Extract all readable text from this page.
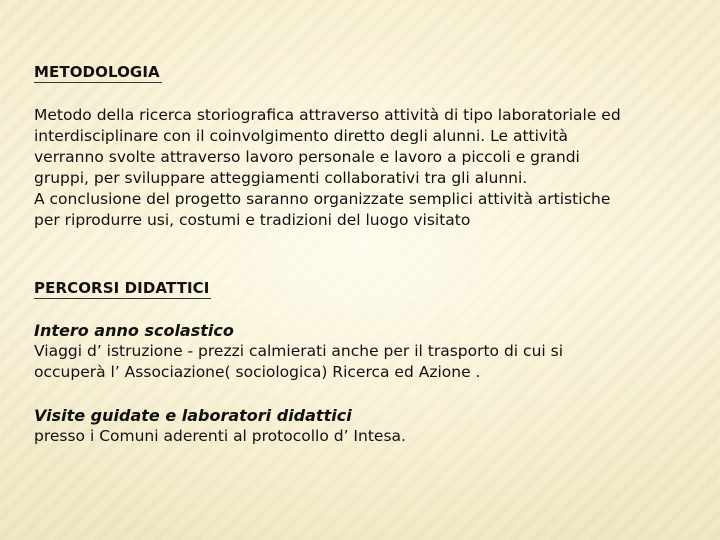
METODOLOGIA
Metodo della ricerca storiografica attraverso attività di tipo laboratoriale ed
interdisciplinare con il coinvolgimento diretto degli alunni. Le attività
verranno svolte attraverso lavoro personale e lavoro a piccoli e grandi
gruppi, per sviluppare atteggiamenti collaborativi tra gli alunni.
A conclusione del progetto saranno organizzate semplici attività artistiche
per riprodurre usi, costumi e tradizioni del luogo visitato
PERCORSI DIDATTICI
Intero anno scolastico
Viaggi d’ istruzione - prezzi calmierati anche per il trasporto di cui si
occuperà l’ Associazione( sociologica) Ricerca ed Azione .
Visite guidate e laboratori didattici
presso i Comuni aderenti al protocollo d’ Intesa.
